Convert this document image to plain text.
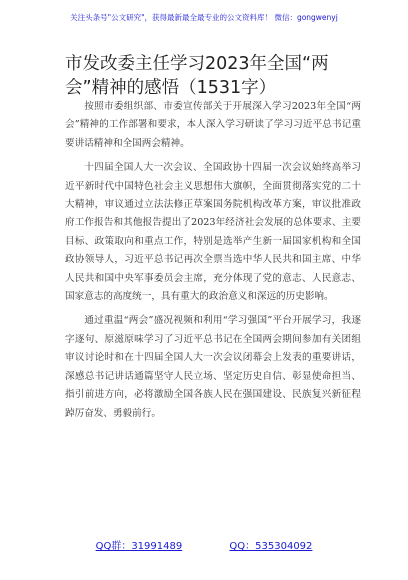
关注头条号"公文研究"，获得最新最全最专业的公文资料库！ 微信：gongwenyj
市发改委主任学习2023年全国“两会”精神的感悟（1531字）

按照市委组织部、市委宣传部关于开展深入学习2023年全国“两会”精神的工作部署和要求，本人深入学习研读了学习习近平总书记重要讲话精神和全国两会精神。

十四届全国人大一次会议、全国政协十四届一次会议始终高举习近平新时代中国特色社会主义思想伟大旗帜，全面贯彻落实党的二十大精神，审议通过立法法修正草案国务院机构改革方案，审议批准政府工作报告和其他报告提出了2023年经济社会发展的总体要求、主要目标、政策取向和重点工作，特别是选举产生新一届国家机构和全国政协领导人，习近平总书记再次全票当选中华人民共和国主席、中华人民共和国中央军事委员会主席，充分体现了党的意志、人民意志、国家意志的高度统一，具有重大的政治意义和深远的历史影响。

通过重温“两会”盛况视频和利用“学习强国”平台开展学习，我逐字逐句、原滋原味学习了习近平总书记在全国两会期间参加有关团组审议讨论时和在十四届全国人大一次会议闭幕会上发表的重要讲话，深感总书记讲话通篇坚守人民立场、坚定历史自信、彰显使命担当、指引前进方向，必将激励全国各族人民在强国建设、民族复兴新征程踔厉奋发、勇毅前行。

QQ群：31991489	QQ：535304092
